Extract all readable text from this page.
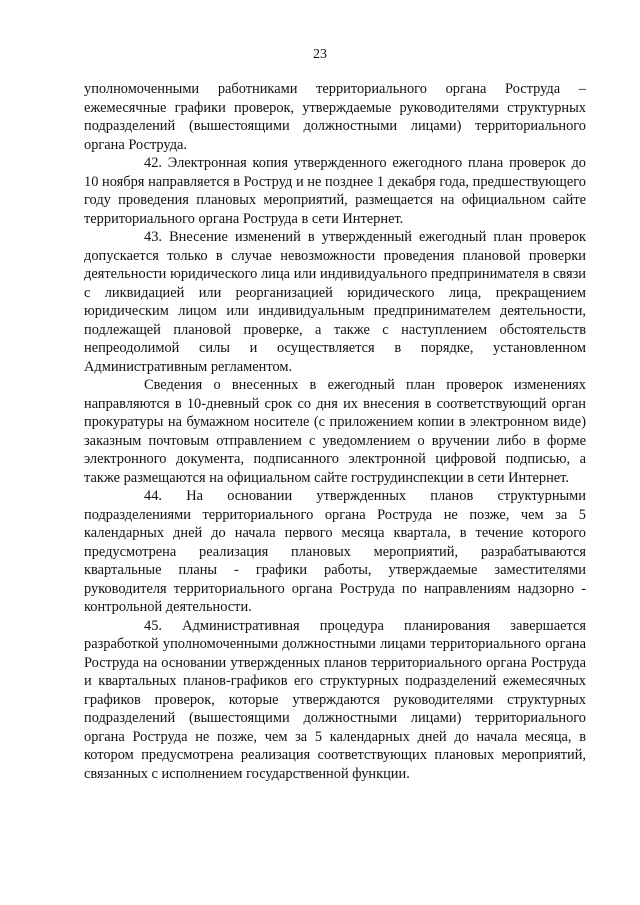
23

уполномоченными работниками территориального органа Роструда – ежемесячные графики проверок, утверждаемые руководителями структурных подразделений (вышестоящими должностными лицами) территориального органа Роструда.

42. Электронная копия утвержденного ежегодного плана проверок до 10 ноября направляется в Роструд и не позднее 1 декабря года, предшествующего году проведения плановых мероприятий, размещается на официальном сайте территориального органа Роструда в сети Интернет.

43. Внесение изменений в утвержденный ежегодный план проверок допускается только в случае невозможности проведения плановой проверки деятельности юридического лица или индивидуального предпринимателя в связи с ликвидацией или реорганизацией юридического лица, прекращением юридическим лицом или индивидуальным предпринимателем деятельности, подлежащей плановой проверке, а также с наступлением обстоятельств непреодолимой силы и осуществляется в порядке, установленном Административным регламентом.

Сведения о внесенных в ежегодный план проверок изменениях направляются в 10-дневный срок со дня их внесения в соответствующий орган прокуратуры на бумажном носителе (с приложением копии в электронном виде) заказным почтовым отправлением с уведомлением о вручении либо в форме электронного документа, подписанного электронной цифровой подписью, а также размещаются на официальном сайте гострудинспекции в сети Интернет.

44. На основании утвержденных планов структурными подразделениями территориального органа Роструда не позже, чем за 5 календарных дней до начала первого месяца квартала, в течение которого предусмотрена реализация плановых мероприятий, разрабатываются квартальные планы - графики работы, утверждаемые заместителями руководителя территориального органа Роструда по направлениям надзорно - контрольной деятельности.

45. Административная процедура планирования завершается разработкой уполномоченными должностными лицами территориального органа Роструда на основании утвержденных планов территориального органа Роструда и квартальных планов-графиков его структурных подразделений ежемесячных графиков проверок, которые утверждаются руководителями структурных подразделений (вышестоящими должностными лицами) территориального органа Роструда не позже, чем за 5 календарных дней до начала месяца, в котором предусмотрена реализация соответствующих плановых мероприятий, связанных с исполнением государственной функции.
